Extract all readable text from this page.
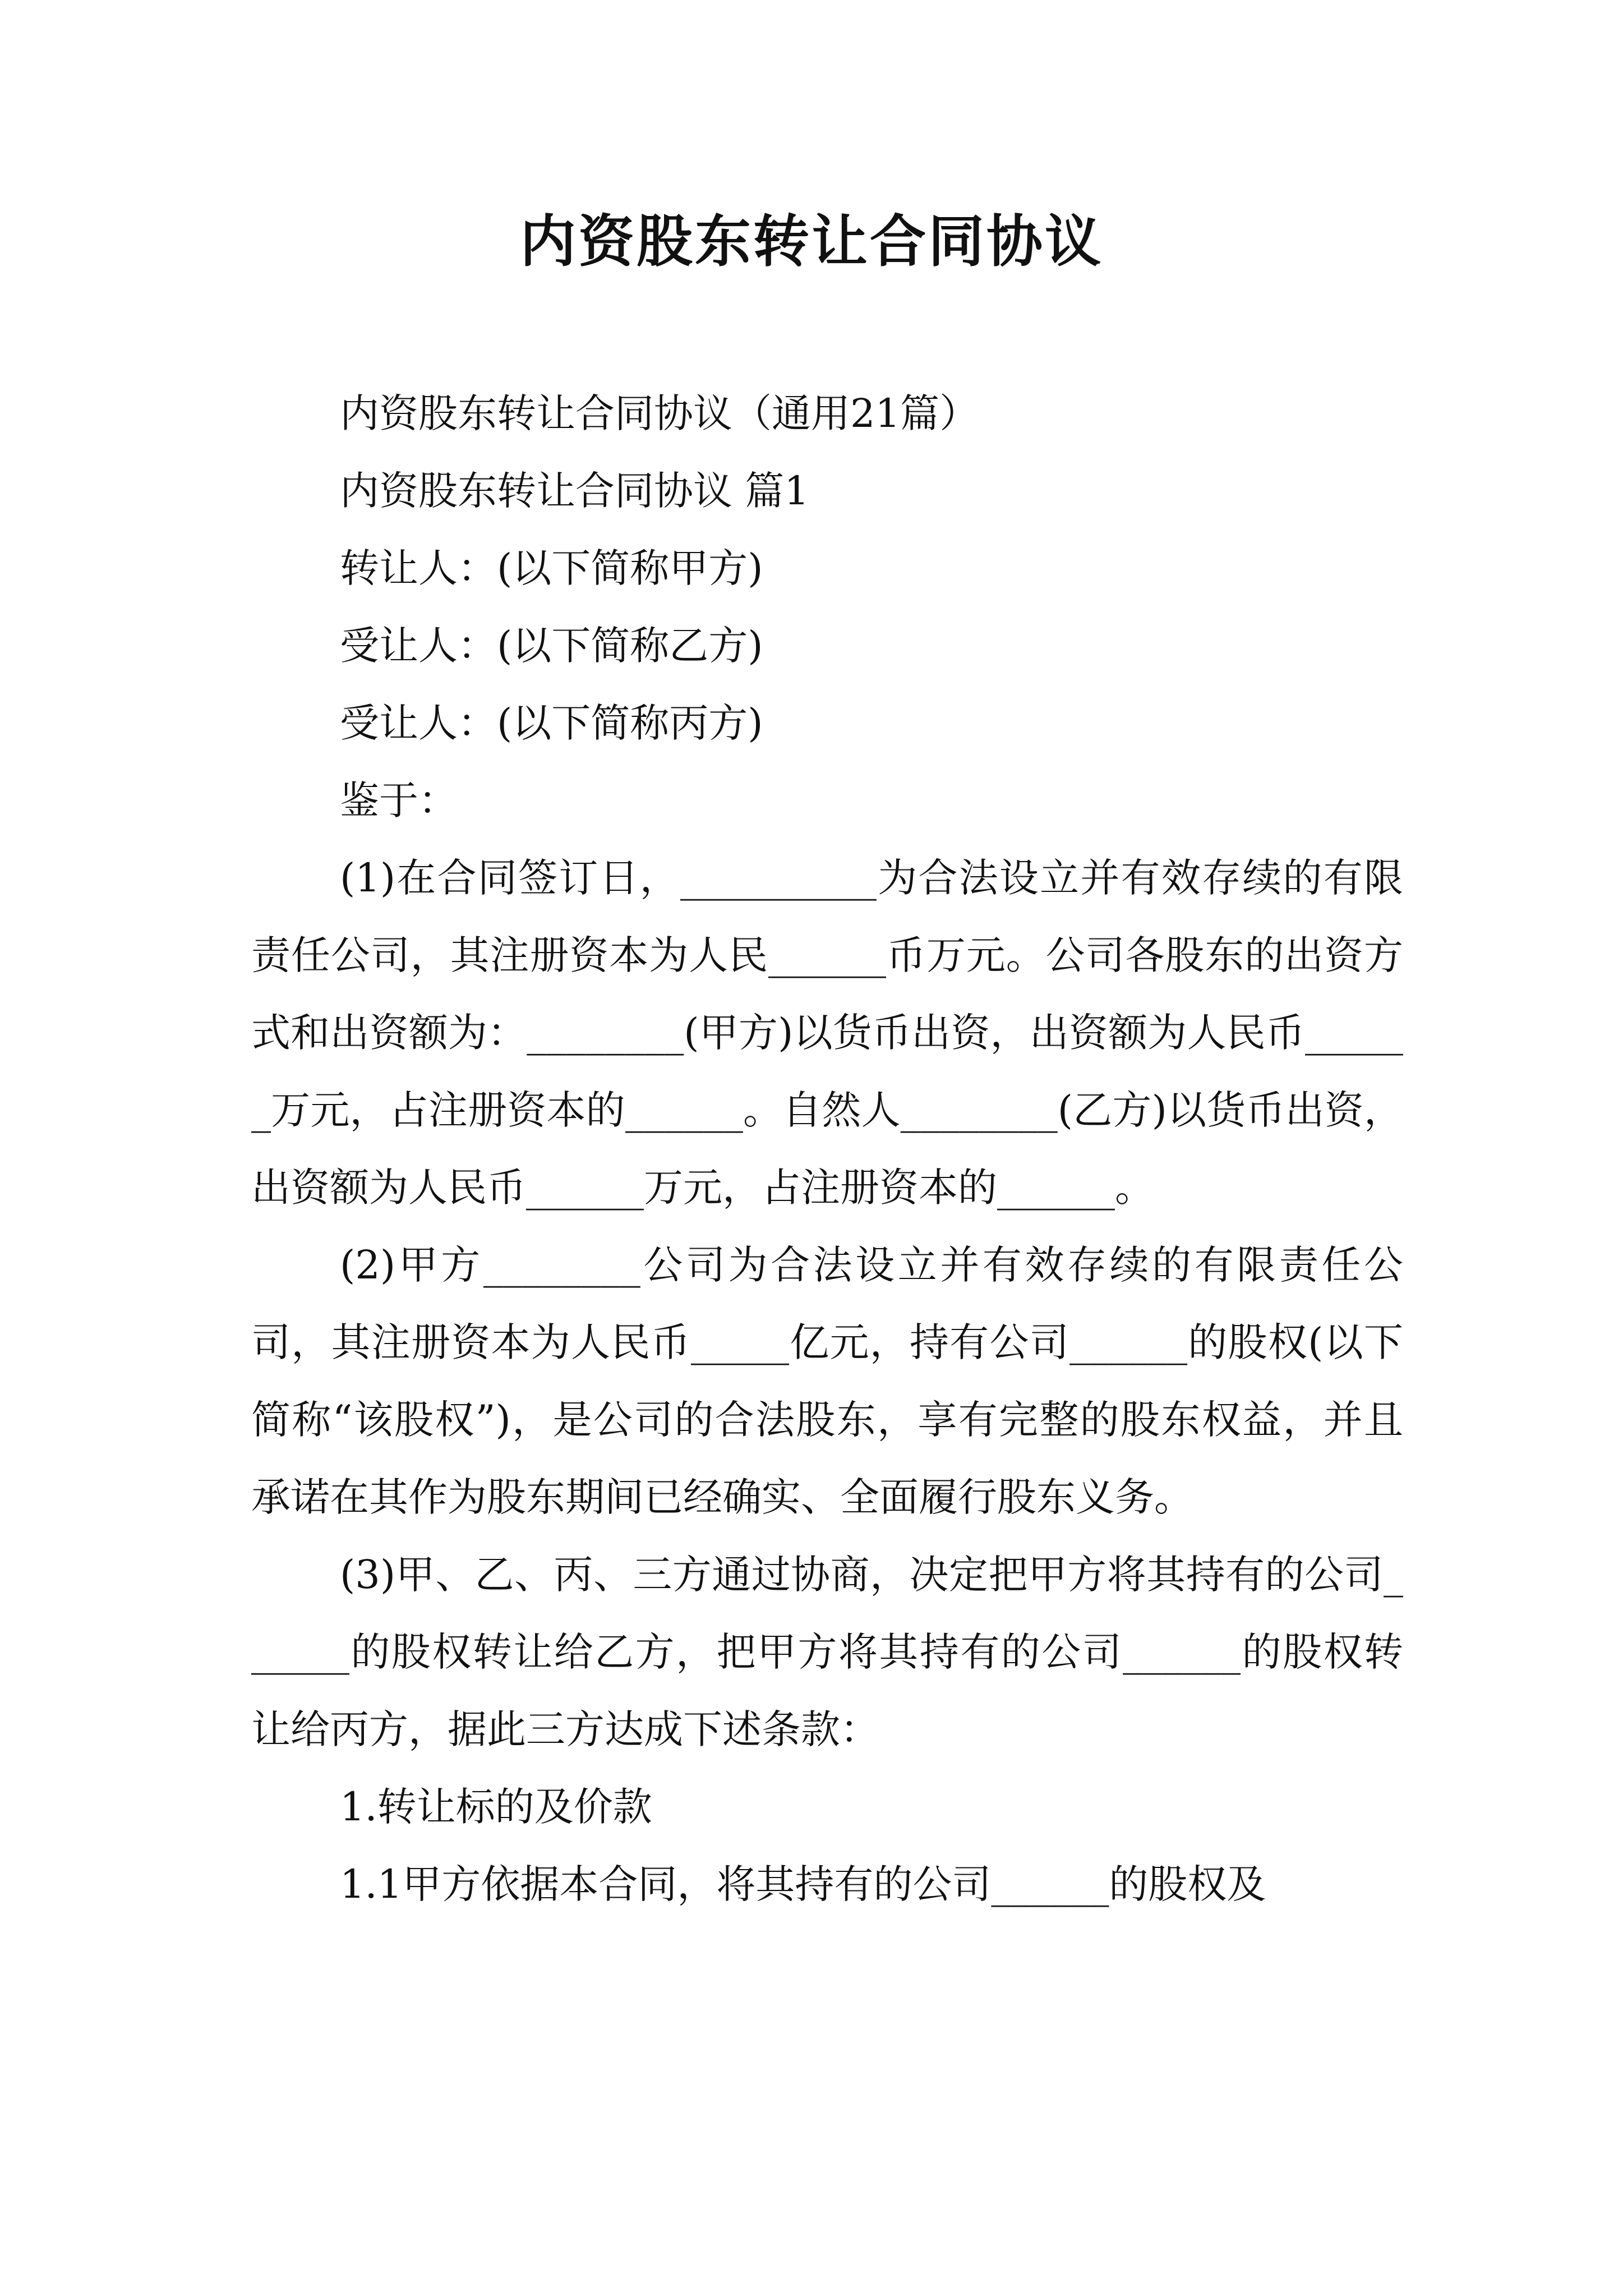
内资股东转让合同协议

内资股东转让合同协议（通用21篇）

内资股东转让合同协议 篇1

转让人：(以下简称甲方)

受让人：(以下简称乙方)

受让人：(以下简称丙方)

鉴于：

(1)在合同签订日，__________为合法设立并有效存续的有限责任公司，其注册资本为人民______币万元。公司各股东的出资方式和出资额为：________(甲方)以货币出资，出资额为人民币______万元，占注册资本的______。自然人________(乙方)以货币出资，出资额为人民币______万元，占注册资本的______。

(2)甲方________公司为合法设立并有效存续的有限责任公司，其注册资本为人民币_____亿元，持有公司______的股权(以下简称“该股权”)，是公司的合法股东，享有完整的股东权益，并且承诺在其作为股东期间已经确实、全面履行股东义务。

(3)甲、乙、丙、三方通过协商，决定把甲方将其持有的公司______的股权转让给乙方，把甲方将其持有的公司______的股权转让给丙方，据此三方达成下述条款：

1.转让标的及价款

1.1甲方依据本合同，将其持有的公司______的股权及
